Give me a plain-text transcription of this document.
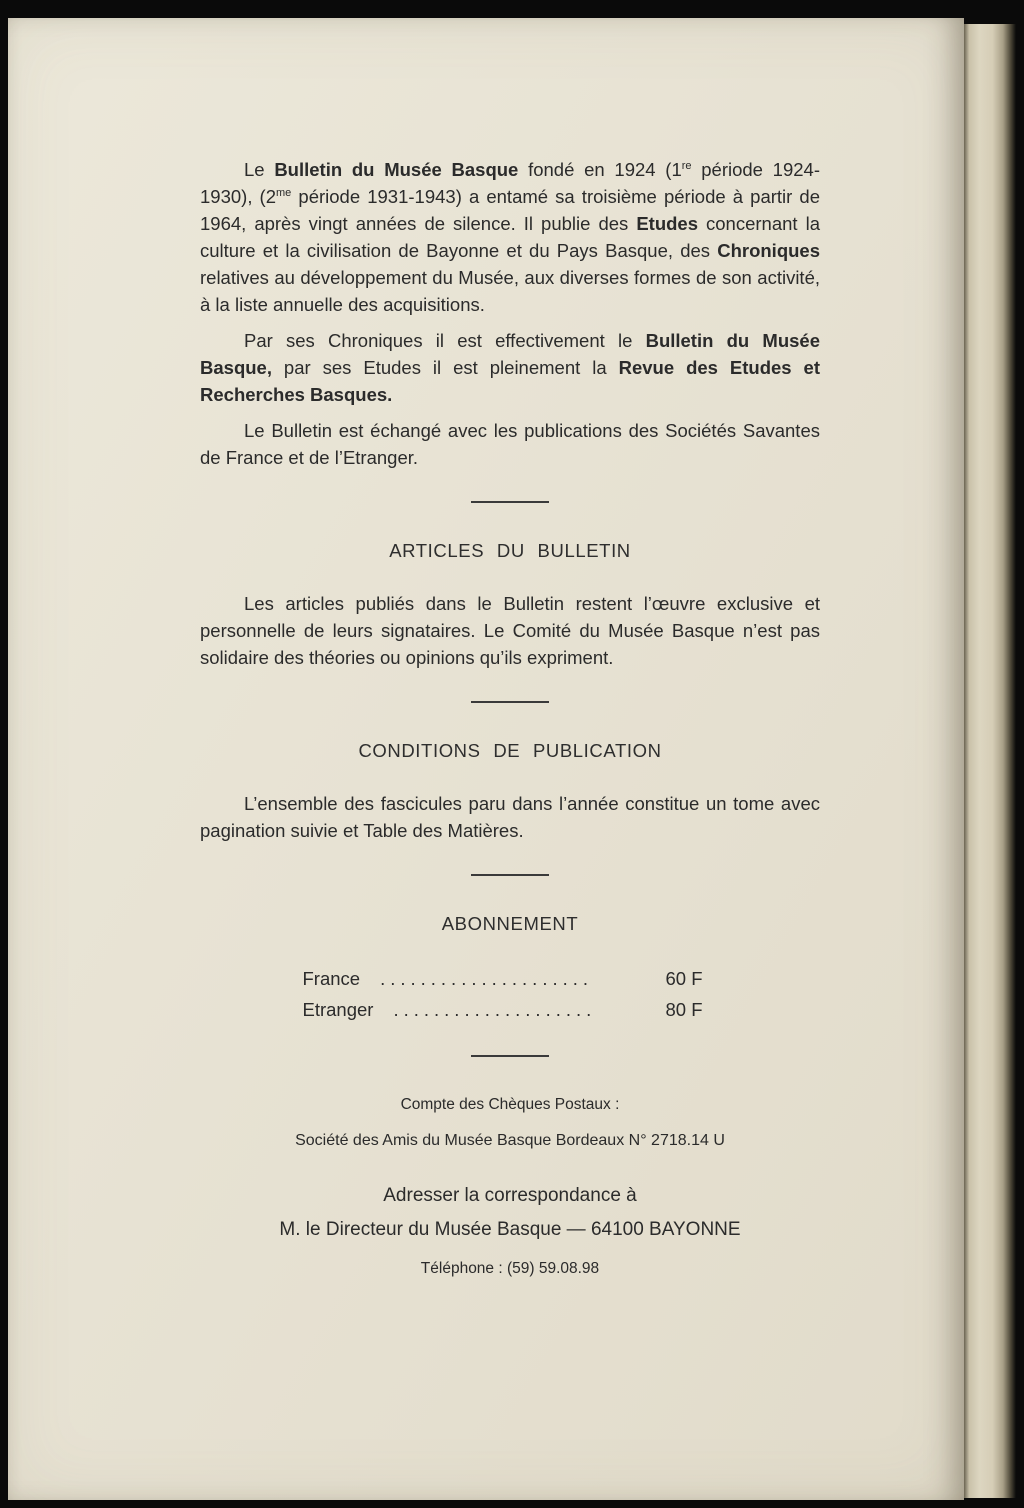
Le Bulletin du Musée Basque fondé en 1924 (1re période 1924-1930), ($2^{me}$ période 1931-1943) a entamé sa troisième période à partir de 1964, après vingt années de silence. Il publie des Etudes concernant la culture et la civilisation de Bayonne et du Pays Basque, des Chroniques relatives au développement du Musée, aux diverses formes de son activité, à la liste annuelle des acquisitions.

Par ses Chroniques il est effectivement le Bulletin du Musée Basque, par ses Etudes il est pleinement la Revue des Etudes et Recherches Basques.

Le Bulletin est échangé avec les publications des Sociétés Savantes de France et de l’Etranger.

ARTICLES DU BULLETIN

Les articles publiés dans le Bulletin restent l’œuvre exclusive et personnelle de leurs signataires. Le Comité du Musée Basque n’est pas solidaire des théories ou opinions qu’ils expriment.

CONDITIONS DE PUBLICATION

L’ensemble des fascicules paru dans l’année constitue un tome avec pagination suivie et Table des Matières.

ABONNEMENT
France	.....................	60 F
Etranger	....................	80 F
Compte des Chèques Postaux :
Société des Amis du Musée Basque Bordeaux N° 2718.14 U
Adresser la correspondance à
M. le Directeur du Musée Basque — 64100 BAYONNE
Téléphone : (59) 59.08.98
